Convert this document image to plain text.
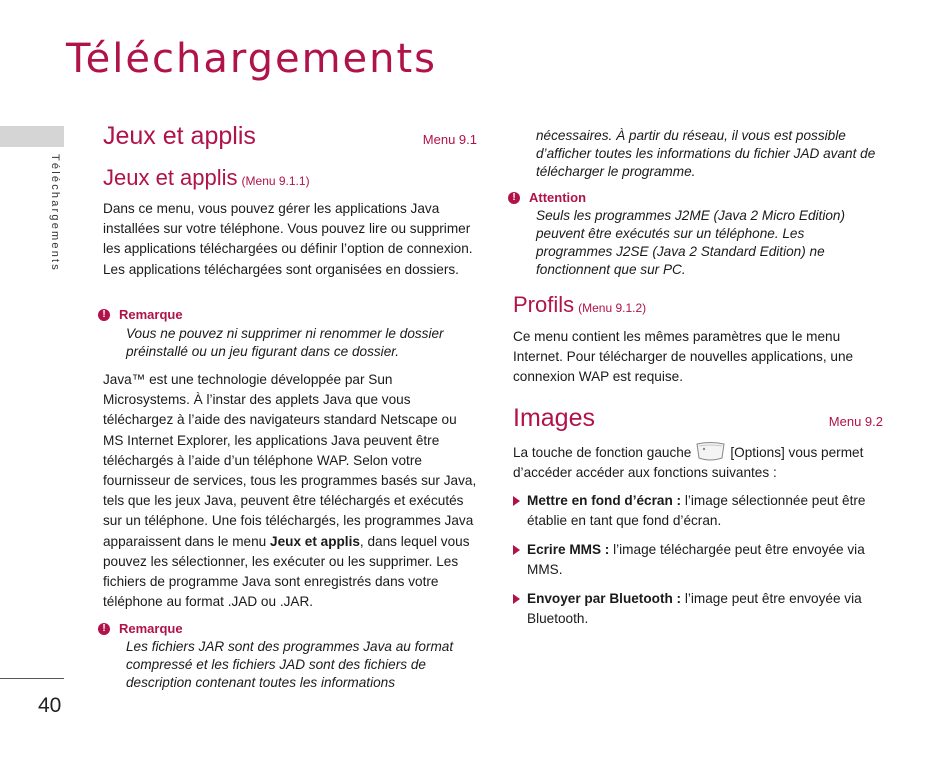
Téléchargements
Téléchargements
40
Jeux et applis	Menu 9.1
Jeux et applis (Menu 9.1.1)

Dans ce menu, vous pouvez gérer les applications Java installées sur votre téléphone. Vous pouvez lire ou supprimer les applications téléchargées ou définir l’option de connexion. Les applications téléchargées sont organisées en dossiers.

!	Remarque

Vous ne pouvez ni supprimer ni renommer le dossier préinstallé ou un jeu figurant dans ce dossier.

Java™ est une technologie développée par Sun Microsystems. À l’instar des applets Java que vous téléchargez à l’aide des navigateurs standard Netscape ou MS Internet Explorer, les applications Java peuvent être téléchargés à l’aide d’un téléphone WAP. Selon votre fournisseur de services, tous les programmes basés sur Java, tels que les jeux Java, peuvent être téléchargés et exécutés sur un téléphone. Une fois téléchargés, les programmes Java apparaissent dans le menu Jeux et applis, dans lequel vous pouvez les sélectionner, les exécuter ou les supprimer. Les fichiers de programme Java sont enregistrés dans votre téléphone au format .JAD ou .JAR.

!	Remarque

Les fichiers JAR sont des programmes Java au format compressé et les fichiers JAD sont des fichiers de description contenant toutes les informations

nécessaires. À partir du réseau, il vous est possible d’afficher toutes les informations du fichier JAD avant de télécharger le programme.

!	Attention

Seuls les programmes J2ME (Java 2 Micro Edition) peuvent être exécutés sur un téléphone. Les programmes J2SE (Java 2 Standard Edition) ne fonctionnent que sur PC.

Profils (Menu 9.1.2)

Ce menu contient les mêmes paramètres que le menu Internet. Pour télécharger de nouvelles applications, une connexion WAP est requise.

Images	Menu 9.2

La touche de fonction gauche	[Options] vous permet d’accéder accéder aux fonctions suivantes :

Mettre en fond d’écran : l’image sélectionnée peut être établie en tant que fond d’écran.
Ecrire MMS : l’image téléchargée peut être envoyée via MMS.
Envoyer par Bluetooth : l’image peut être envoyée via Bluetooth.
